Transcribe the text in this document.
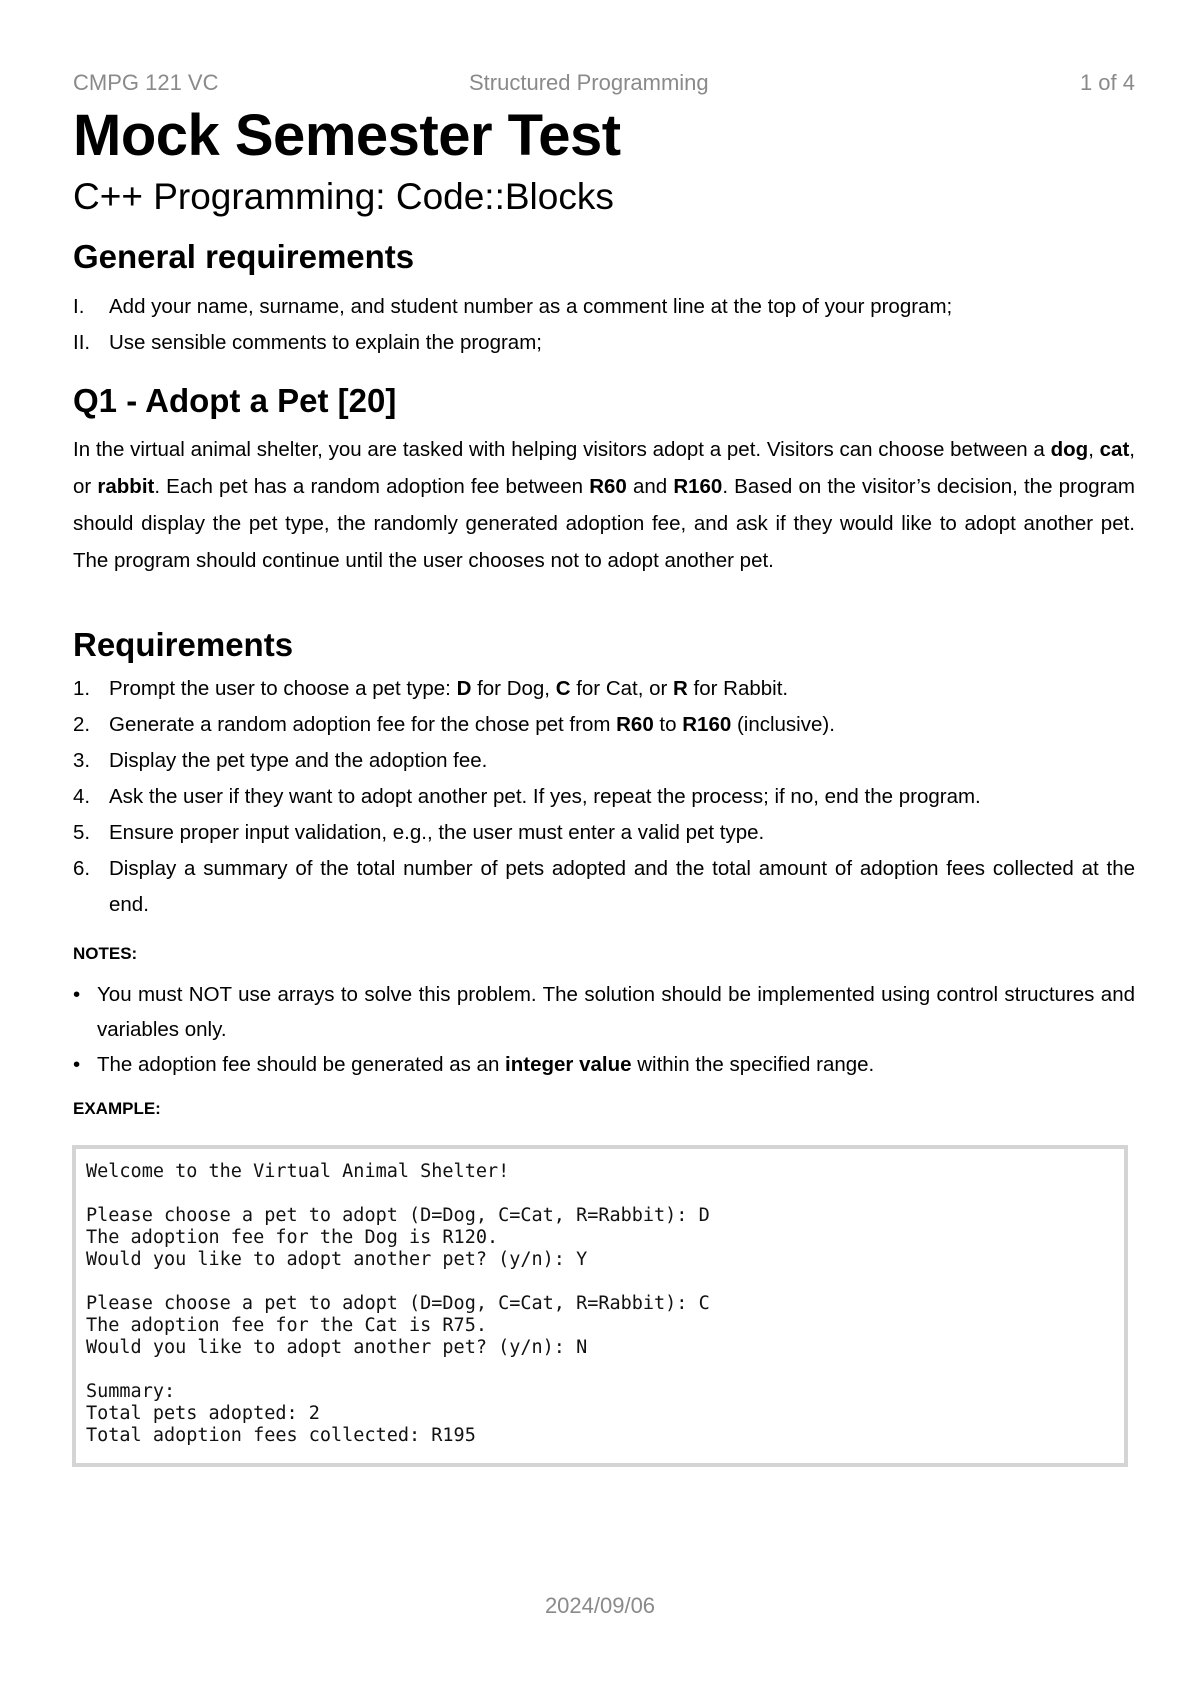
CMPG 121 VC	Structured Programming	1 of 4
Mock Semester Test
C++ Programming: Code::Blocks
General requirements
I. Add your name, surname, and student number as a comment line at the top of your program;
II. Use sensible comments to explain the program;
Q1 - Adopt a Pet [20]

In the virtual animal shelter, you are tasked with helping visitors adopt a pet. Visitors can choose between a dog, cat, or rabbit. Each pet has a random adoption fee between R60 and R160. Based on the visitor’s decision, the program should display the pet type, the randomly generated adoption fee, and ask if they would like to adopt another pet. The program should continue until the user chooses not to adopt another pet.

Requirements
1. Prompt the user to choose a pet type: D for Dog, C for Cat, or R for Rabbit.
2. Generate a random adoption fee for the chose pet from R60 to R160 (inclusive).
3. Display the pet type and the adoption fee.
4. Ask the user if they want to adopt another pet. If yes, repeat the process; if no, end the program.
5. Ensure proper input validation, e.g., the user must enter a valid pet type.
6. Display a summary of the total number of pets adopted and the total amount of adoption fees collected at the end.
NOTES:
• You must NOT use arrays to solve this problem. The solution should be implemented using control structures and variables only.
• The adoption fee should be generated as an integer value within the specified range.
EXAMPLE:
Welcome to the Virtual Animal Shelter!

Please choose a pet to adopt (D=Dog, C=Cat, R=Rabbit): D
The adoption fee for the Dog is R120.
Would you like to adopt another pet? (y/n): Y

Please choose a pet to adopt (D=Dog, C=Cat, R=Rabbit): C
The adoption fee for the Cat is R75.
Would you like to adopt another pet? (y/n): N

Summary:
Total pets adopted: 2
Total adoption fees collected: R195
2024/09/06
